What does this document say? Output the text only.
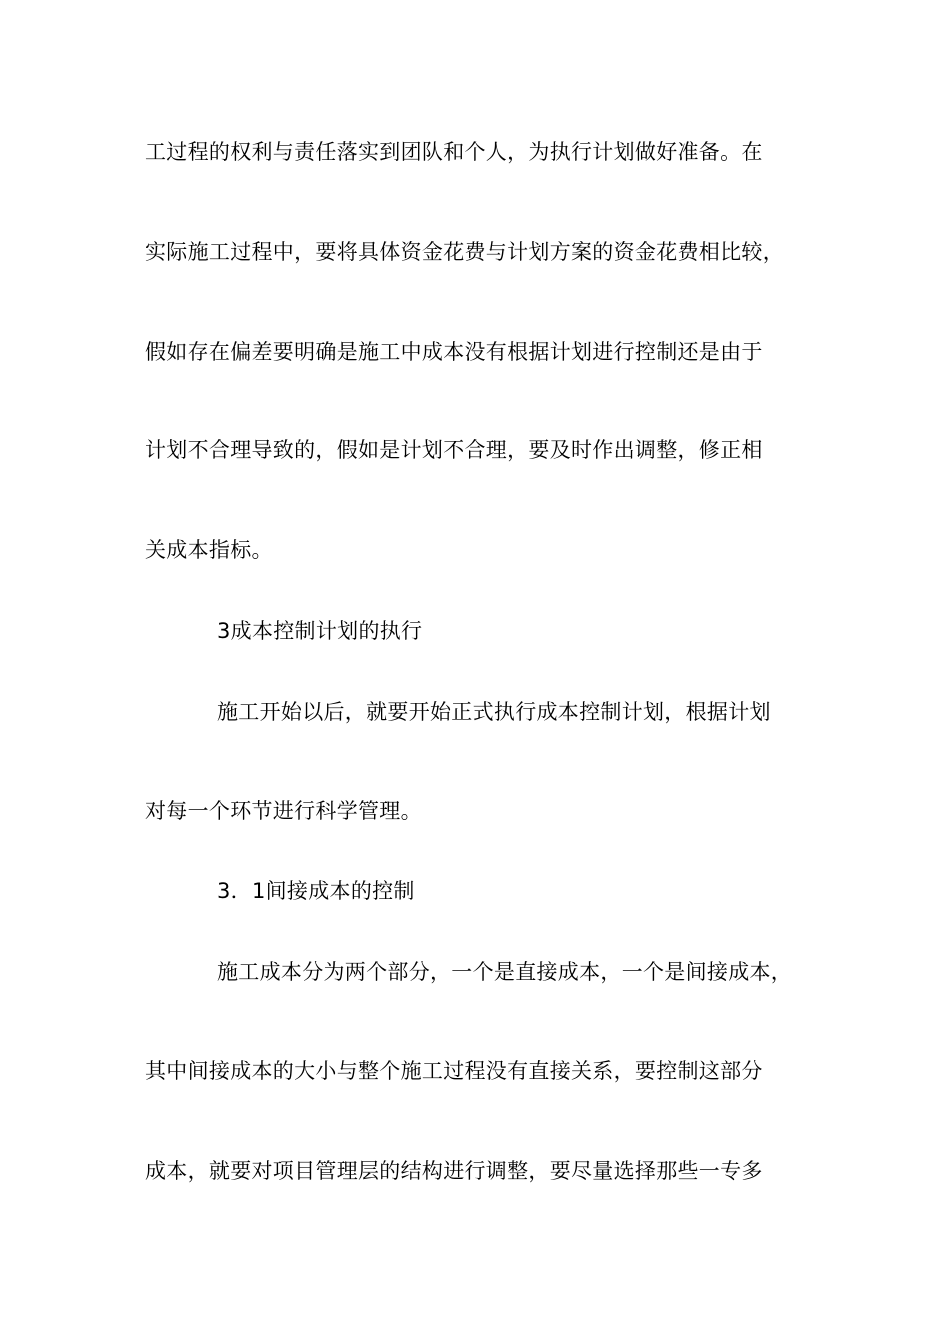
工过程的权利与责任落实到团队和个人，为执行计划做好准备。在
实际施工过程中，要将具体资金花费与计划方案的资金花费相比较，
假如存在偏差要明确是施工中成本没有根据计划进行控制还是由于
计划不合理导致的，假如是计划不合理，要及时作出调整，修正相
关成本指标。
3成本控制计划的执行
施工开始以后，就要开始正式执行成本控制计划，根据计划
对每一个环节进行科学管理。
3．1间接成本的控制
施工成本分为两个部分，一个是直接成本，一个是间接成本，
其中间接成本的大小与整个施工过程没有直接关系，要控制这部分
成本，就要对项目管理层的结构进行调整，要尽量选择那些一专多
